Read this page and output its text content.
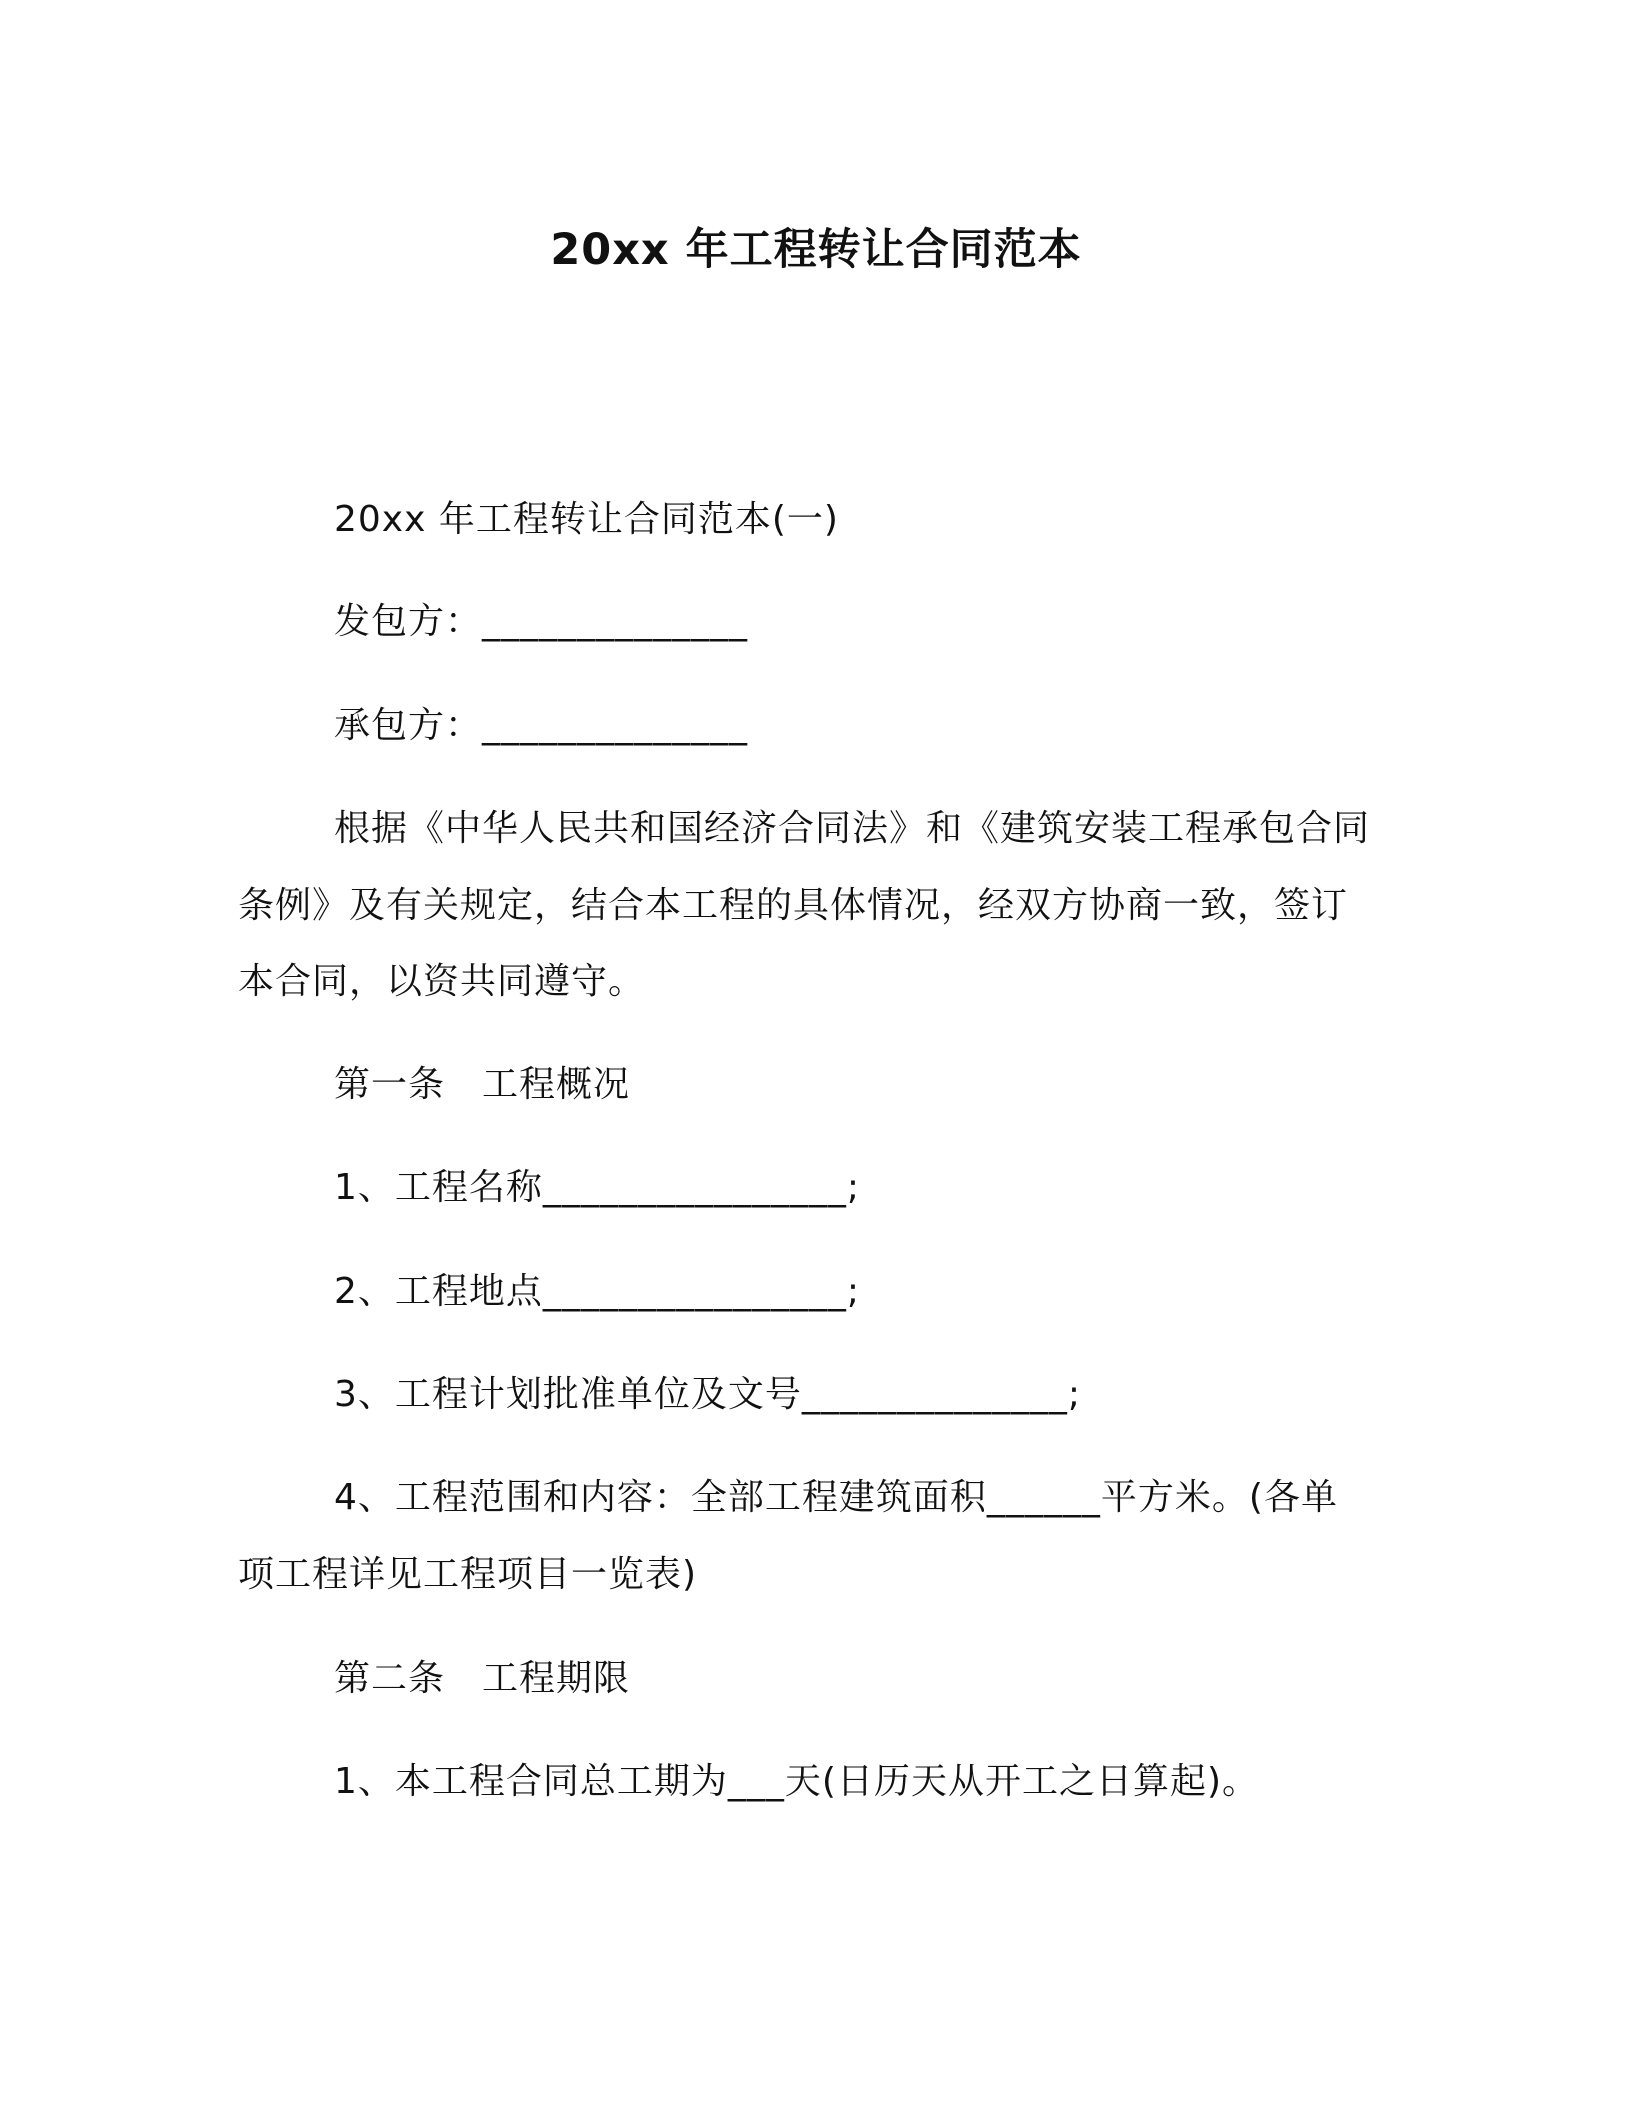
20xx 年工程转让合同范本
20xx 年工程转让合同范本(一)
发包方：______________
承包方：______________
根据《中华人民共和国经济合同法》和《建筑安装工程承包合同
条例》及有关规定，结合本工程的具体情况，经双方协商一致，签订
本合同，以资共同遵守。
第一条　工程概况
1、工程名称________________;
2、工程地点________________;
3、工程计划批准单位及文号______________;
4、工程范围和内容：全部工程建筑面积______平方米。(各单
项工程详见工程项目一览表)
第二条　工程期限
1、本工程合同总工期为___天(日历天从开工之日算起)。
